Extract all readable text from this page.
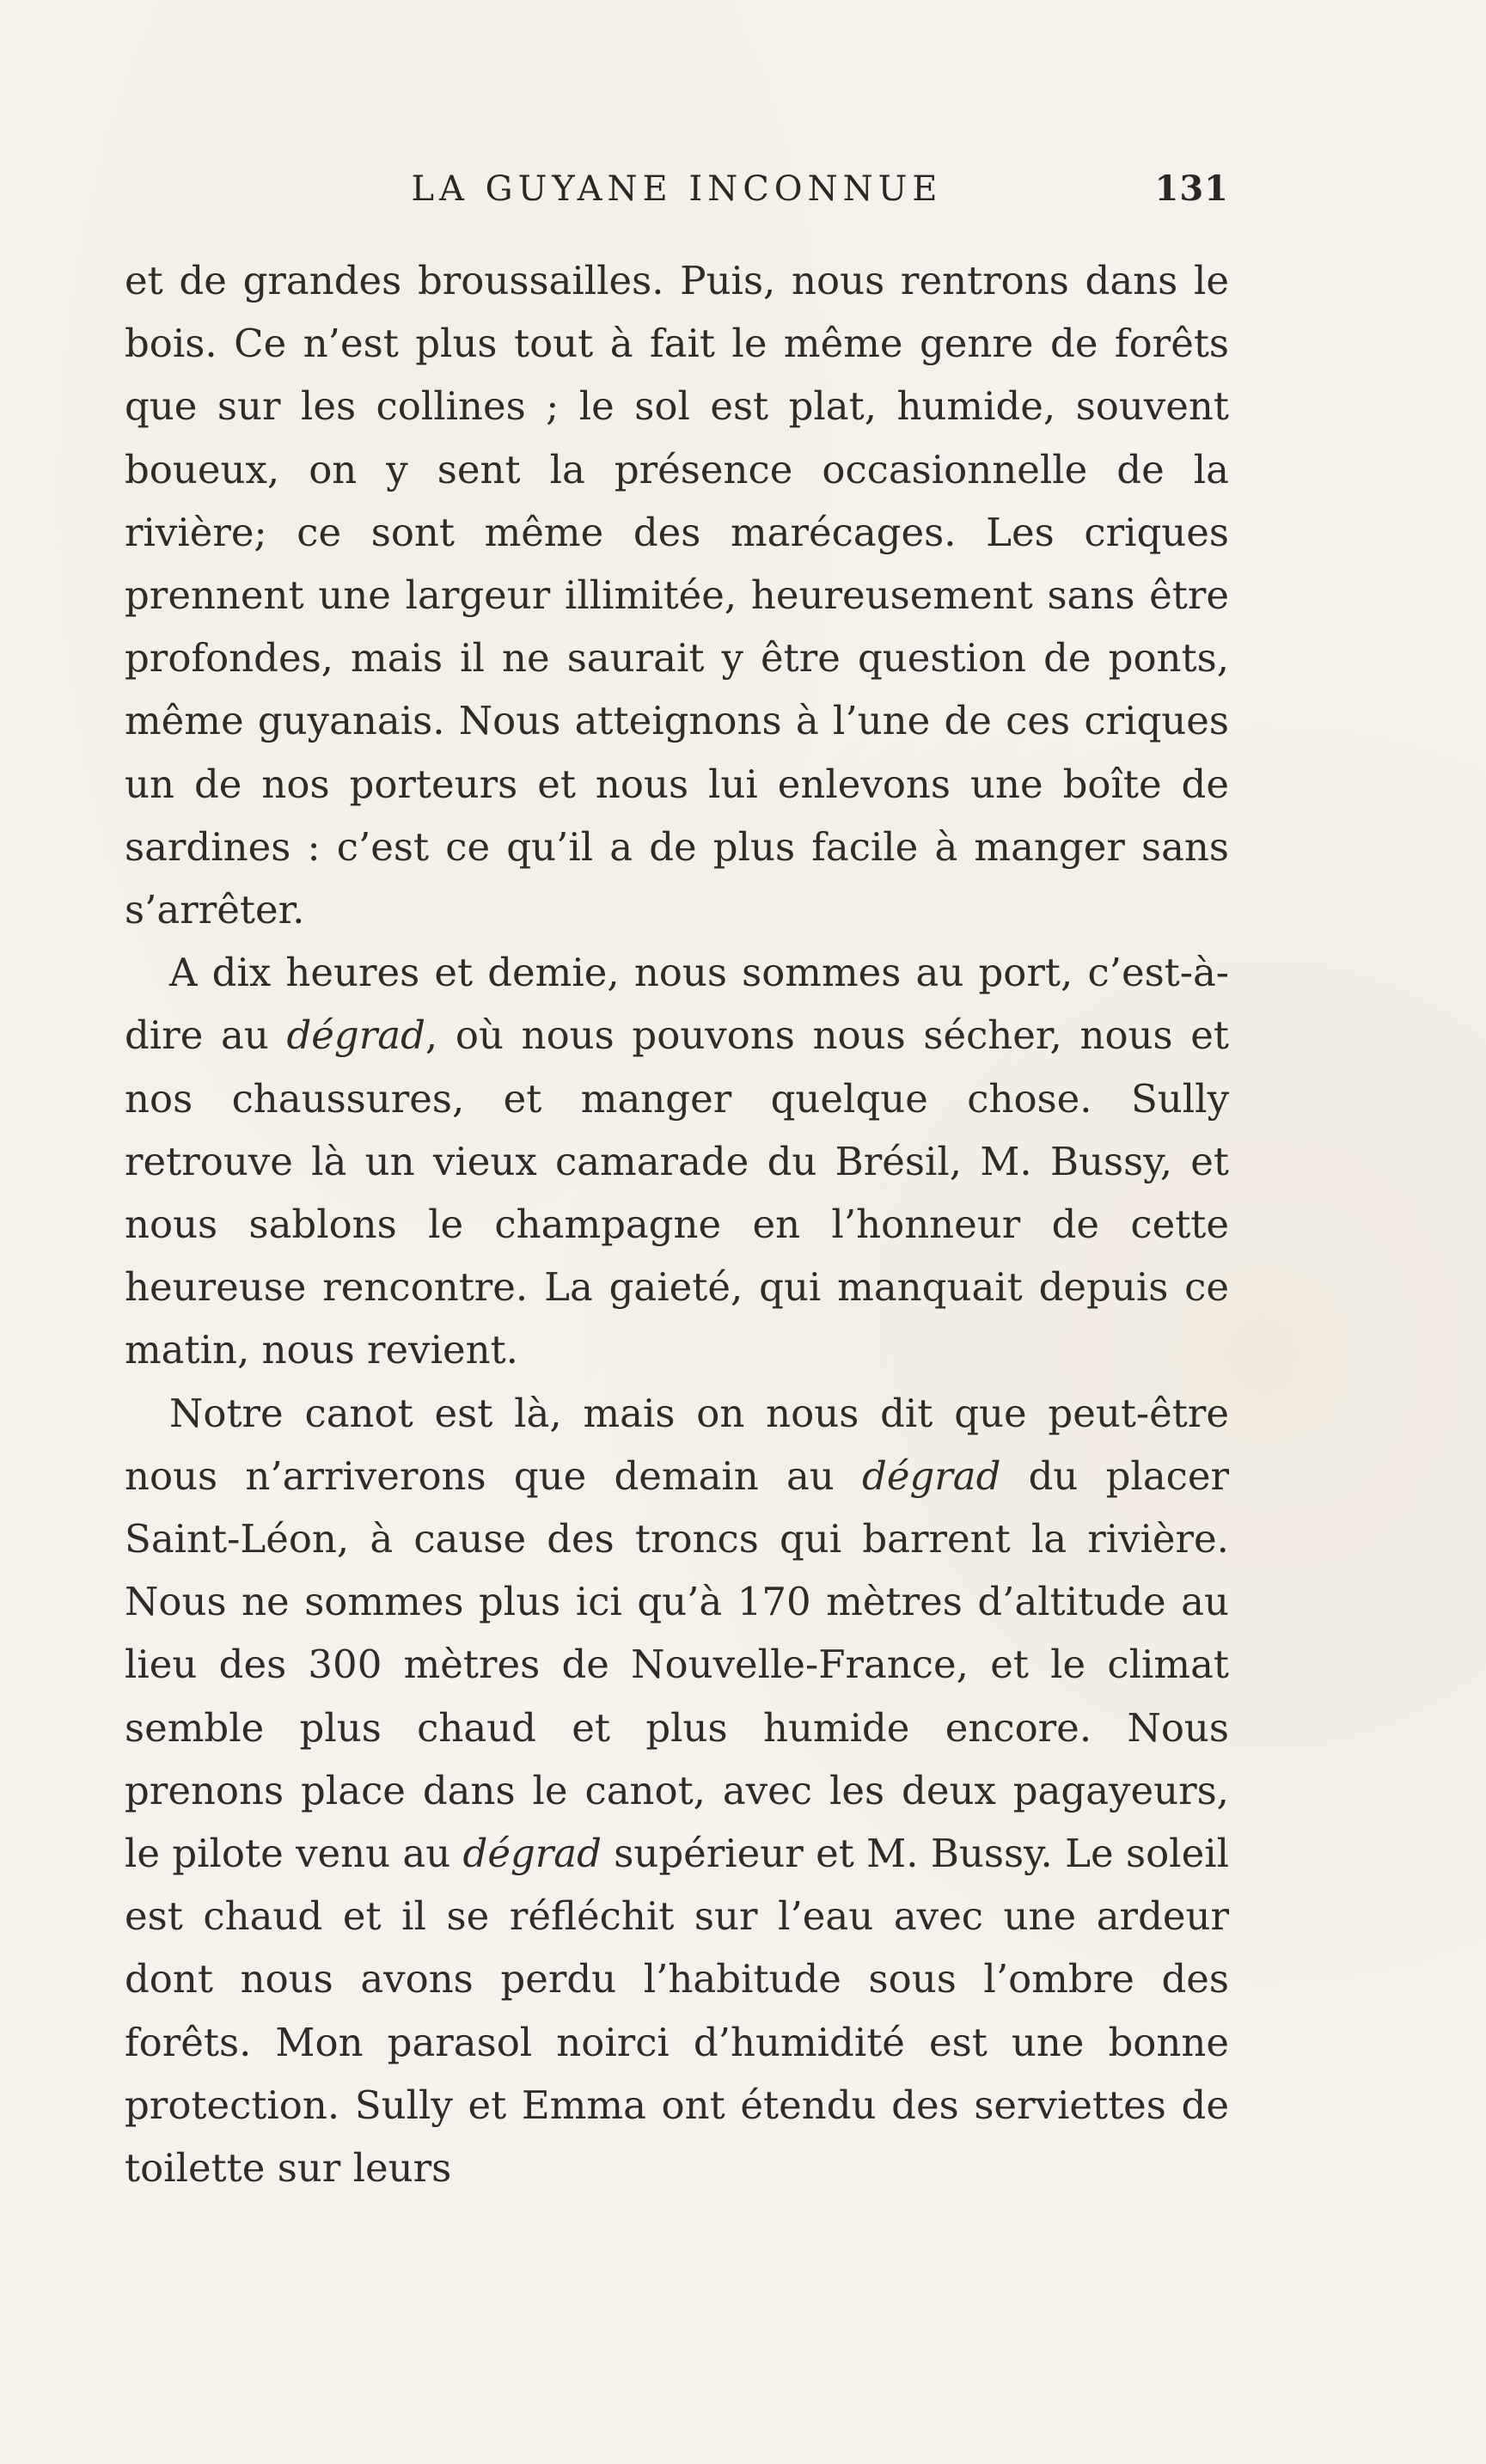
LA GUYANE INCONNUE	131

et de grandes broussailles. Puis, nous rentrons dans le bois. Ce n’est plus tout à fait le même genre de forêts que sur les collines ; le sol est plat, humide, souvent boueux, on y sent la présence occasionnelle de la rivière; ce sont même des marécages. Les criques prennent une largeur illimitée, heureusement sans être profondes, mais il ne saurait y être question de ponts, même guyanais. Nous atteignons à l’une de ces criques un de nos porteurs et nous lui enlevons une boîte de sardines : c’est ce qu’il a de plus facile à manger sans s’arrêter.

A dix heures et demie, nous sommes au port, c’est-à-dire au dégrad, où nous pouvons nous sécher, nous et nos chaussures, et manger quelque chose. Sully retrouve là un vieux camarade du Brésil, M. Bussy, et nous sablons le champagne en l’honneur de cette heureuse rencontre. La gaieté, qui manquait depuis ce matin, nous revient.

Notre canot est là, mais on nous dit que peut-être nous n’arriverons que demain au dégrad du placer Saint-Léon, à cause des troncs qui barrent la rivière. Nous ne sommes plus ici qu’à 170 mètres d’altitude au lieu des 300 mètres de Nouvelle-France, et le climat semble plus chaud et plus humide encore. Nous prenons place dans le canot, avec les deux pagayeurs, le pilote venu au dégrad supérieur et M. Bussy. Le soleil est chaud et il se réfléchit sur l’eau avec une ardeur dont nous avons perdu l’habitude sous l’ombre des forêts. Mon parasol noirci d’humidité est une bonne protection. Sully et Emma ont étendu des serviettes de toilette sur leurs
